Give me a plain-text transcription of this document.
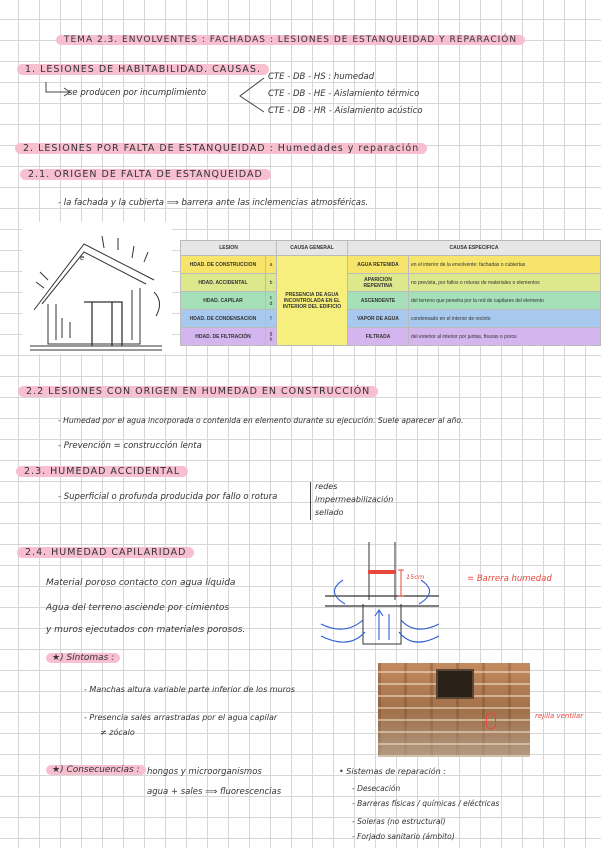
TEMA 2.3. ENVOLVENTES : FACHADAS : LESIONES DE ESTANQUEIDAD Y REPARACIÓN
1. LESIONES DE HABITABILIDAD. CAUSAS.
se producen por incumplimiento
CTE - DB - HS : humedad
CTE - DB - HE - Aislamiento térmico
CTE - DB - HR - Aislamiento acústico
2. LESIONES POR FALTA DE ESTANQUEIDAD : Humedades y reparación
2.1. ORIGEN DE FALTA DE ESTANQUEIDAD
- la fachada y la cubierta ⟹ barrera ante las inclemencias atmosféricas.
e
LESION		CAUSA GENERAL	CAUSA ESPECIFICA	
HDAD. DE CONSTRUCCION	a	PRESENCIA DE AGUA INCONTROLADA EN EL INTERIOR DEL EDIFICIO	AGUA RETENIDA	en el interior de la envolvente: fachadas o cubiertas
HDAD. ACCIDENTAL	b		APARICION REPENTINA	no prevista, por fallos o roturas de materiales o elementos
HDAD. CAPILAR	c d		ASCENDENTE	del terreno que penetra por la red de capilares del elemento
HDAD. DE CONDENSACION	f		VAPOR DE AGUA	condensado en el interior de recinto
HDAD. DE FILTRACIÓN	g h		FILTRADA	del exterior al interior por juntas, fisuras o poros
2.2 LESIONES CON ORIGEN EN HUMEDAD EN CONSTRUCCIÓN
- Humedad por el agua incorporada o contenida en elemento durante su ejecución. Suele aparecer al año.
- Prevención = construcción lenta
2.3. HUMEDAD ACCIDENTAL
- Superficial o profunda producida por fallo o rotura
redes
impermeabilización
sellado
2.4. HUMEDAD CAPILARIDAD
Material poroso contacto con agua líquida
Agua del terreno asciende por cimientos
y muros ejecutados con materiales porosos.
15cm	= Barrera humedad
★) Síntomas :
- Manchas altura variable parte inferior de los muros
- Presencia sales arrastradas por el agua capilar
≠ zócalo
rejilla ventilar
★) Consecuencias : hongos y microorganismos
agua + sales ⟹ fluorescencias
• Sistemas de reparación :
- Desecación
- Barreras físicas / químicas / eléctricas
- Soleras (no estructural)
- Forjado sanitario (ámbito)
